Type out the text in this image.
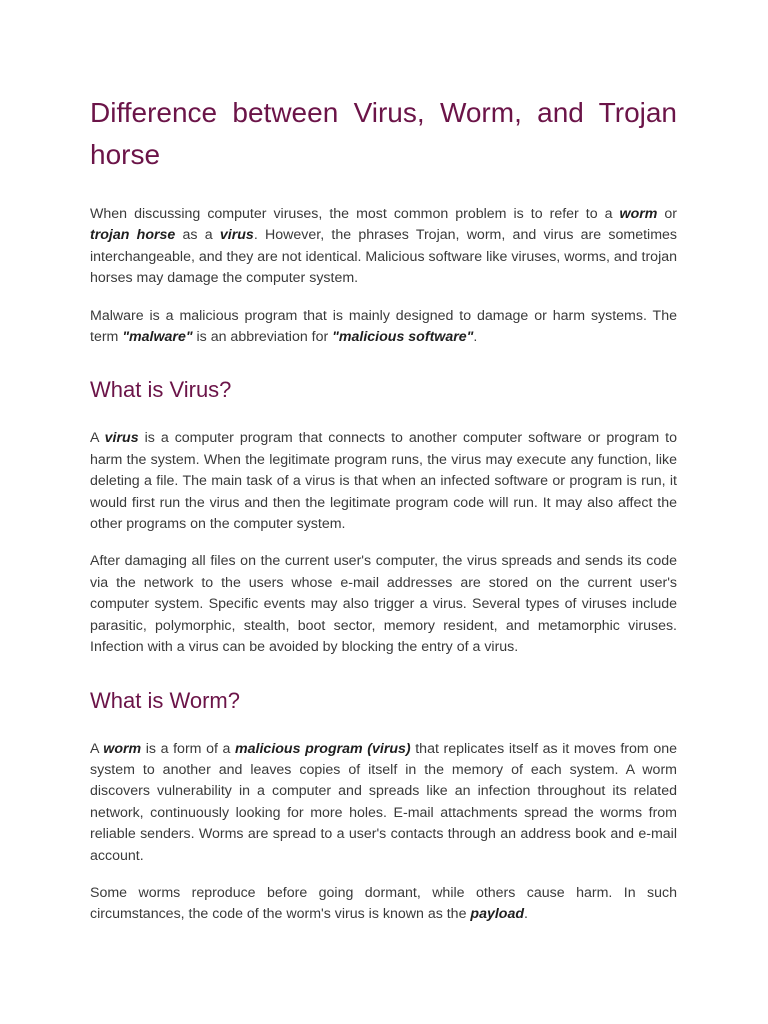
Difference between Virus, Worm, and Trojan horse

When discussing computer viruses, the most common problem is to refer to a worm or trojan horse as a virus. However, the phrases Trojan, worm, and virus are sometimes interchangeable, and they are not identical. Malicious software like viruses, worms, and trojan horses may damage the computer system.

Malware is a malicious program that is mainly designed to damage or harm systems. The term "malware" is an abbreviation for "malicious software".

What is Virus?

A virus is a computer program that connects to another computer software or program to harm the system. When the legitimate program runs, the virus may execute any function, like deleting a file. The main task of a virus is that when an infected software or program is run, it would first run the virus and then the legitimate program code will run. It may also affect the other programs on the computer system.

After damaging all files on the current user's computer, the virus spreads and sends its code via the network to the users whose e-mail addresses are stored on the current user's computer system. Specific events may also trigger a virus. Several types of viruses include parasitic, polymorphic, stealth, boot sector, memory resident, and metamorphic viruses. Infection with a virus can be avoided by blocking the entry of a virus.

What is Worm?

A worm is a form of a malicious program (virus) that replicates itself as it moves from one system to another and leaves copies of itself in the memory of each system. A worm discovers vulnerability in a computer and spreads like an infection throughout its related network, continuously looking for more holes. E-mail attachments spread the worms from reliable senders. Worms are spread to a user's contacts through an address book and e-mail account.

Some worms reproduce before going dormant, while others cause harm. In such circumstances, the code of the worm's virus is known as the payload.
